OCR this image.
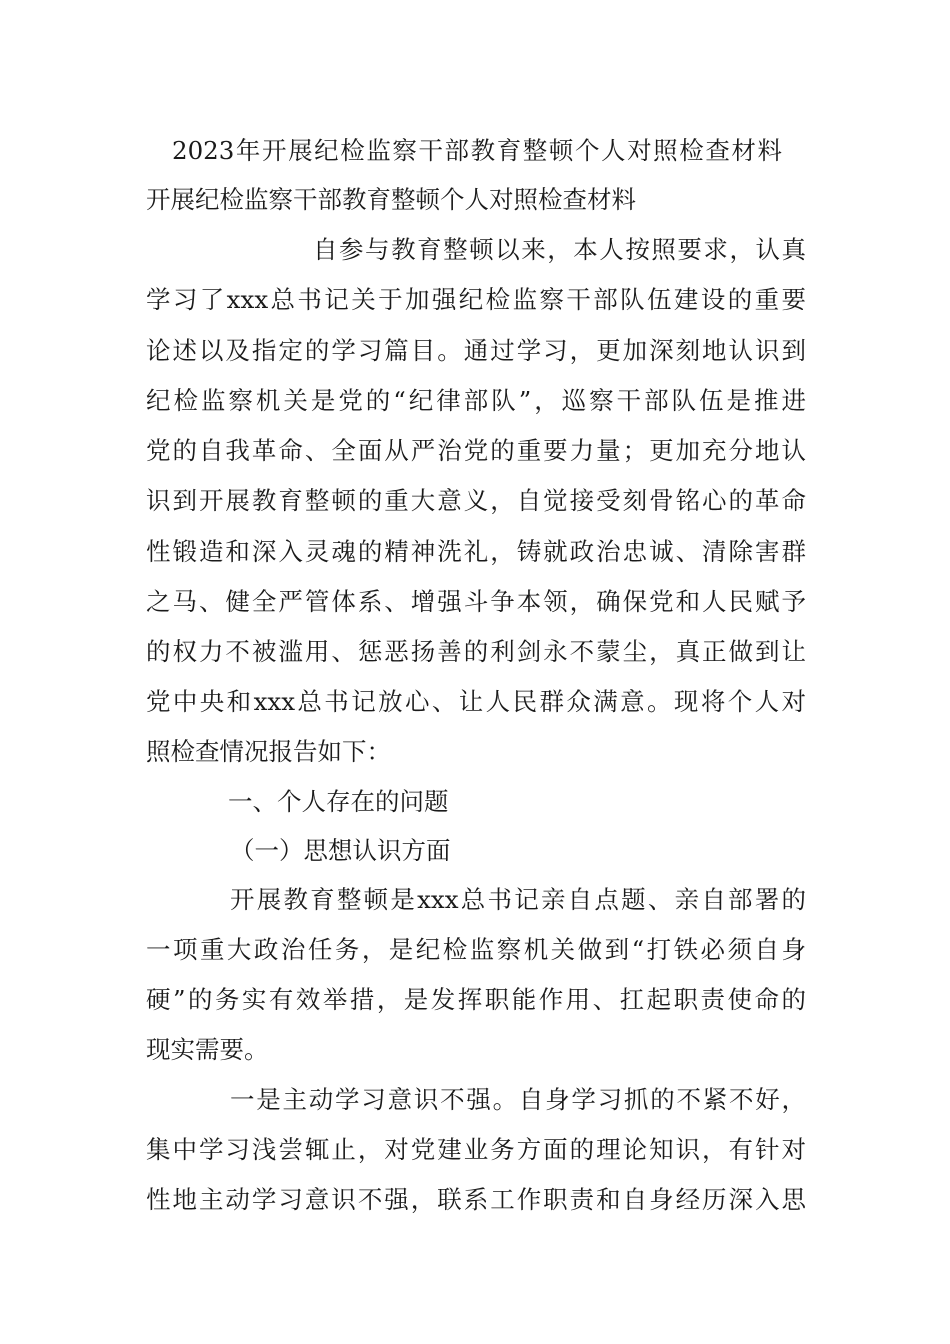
2023年开展纪检监察干部教育整顿个人对照检查材料
开展纪检监察干部教育整顿个人对照检查材料
自参与教育整顿以来，本人按照要求，认真
学习了xxx总书记关于加强纪检监察干部队伍建设的重要
论述以及指定的学习篇目。通过学习，更加深刻地认识到
纪检监察机关是党的“纪律部队”，巡察干部队伍是推进
党的自我革命、全面从严治党的重要力量；更加充分地认
识到开展教育整顿的重大意义，自觉接受刻骨铭心的革命
性锻造和深入灵魂的精神洗礼，铸就政治忠诚、清除害群
之马、健全严管体系、增强斗争本领，确保党和人民赋予
的权力不被滥用、惩恶扬善的利剑永不蒙尘，真正做到让
党中央和xxx总书记放心、让人民群众满意。现将个人对
照检查情况报告如下：
一、个人存在的问题
（一）思想认识方面
开展教育整顿是xxx总书记亲自点题、亲自部署的
一项重大政治任务，是纪检监察机关做到“打铁必须自身
硬”的务实有效举措，是发挥职能作用、扛起职责使命的
现实需要。
一是主动学习意识不强。自身学习抓的不紧不好，
集中学习浅尝辄止，对党建业务方面的理论知识，有针对
性地主动学习意识不强，联系工作职责和自身经历深入思
